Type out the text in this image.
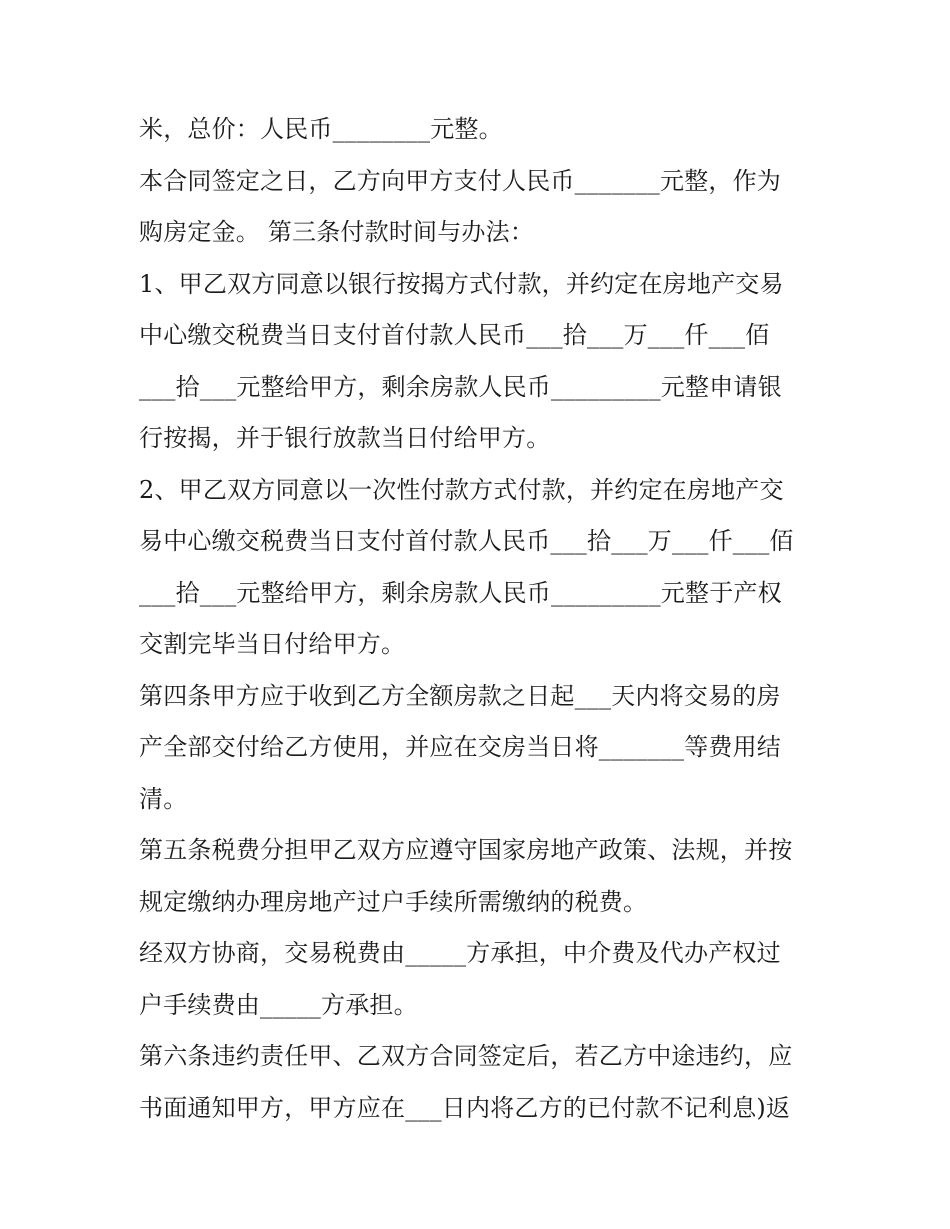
米，总价：人民币________元整。
本合同签定之日，乙方向甲方支付人民币_______元整，作为
购房定金。 第三条付款时间与办法：
1、甲乙双方同意以银行按揭方式付款，并约定在房地产交易
中心缴交税费当日支付首付款人民币___拾___万___仟___佰
___拾___元整给甲方，剩余房款人民币_________元整申请银
行按揭，并于银行放款当日付给甲方。
2、甲乙双方同意以一次性付款方式付款，并约定在房地产交
易中心缴交税费当日支付首付款人民币___拾___万___仟___佰
___拾___元整给甲方，剩余房款人民币_________元整于产权
交割完毕当日付给甲方。
第四条甲方应于收到乙方全额房款之日起___天内将交易的房
产全部交付给乙方使用，并应在交房当日将_______等费用结
清。
第五条税费分担甲乙双方应遵守国家房地产政策、法规，并按
规定缴纳办理房地产过户手续所需缴纳的税费。
经双方协商，交易税费由_____方承担，中介费及代办产权过
户手续费由_____方承担。
第六条违约责任甲、乙双方合同签定后，若乙方中途违约，应
书面通知甲方，甲方应在___日内将乙方的已付款不记利息)返
